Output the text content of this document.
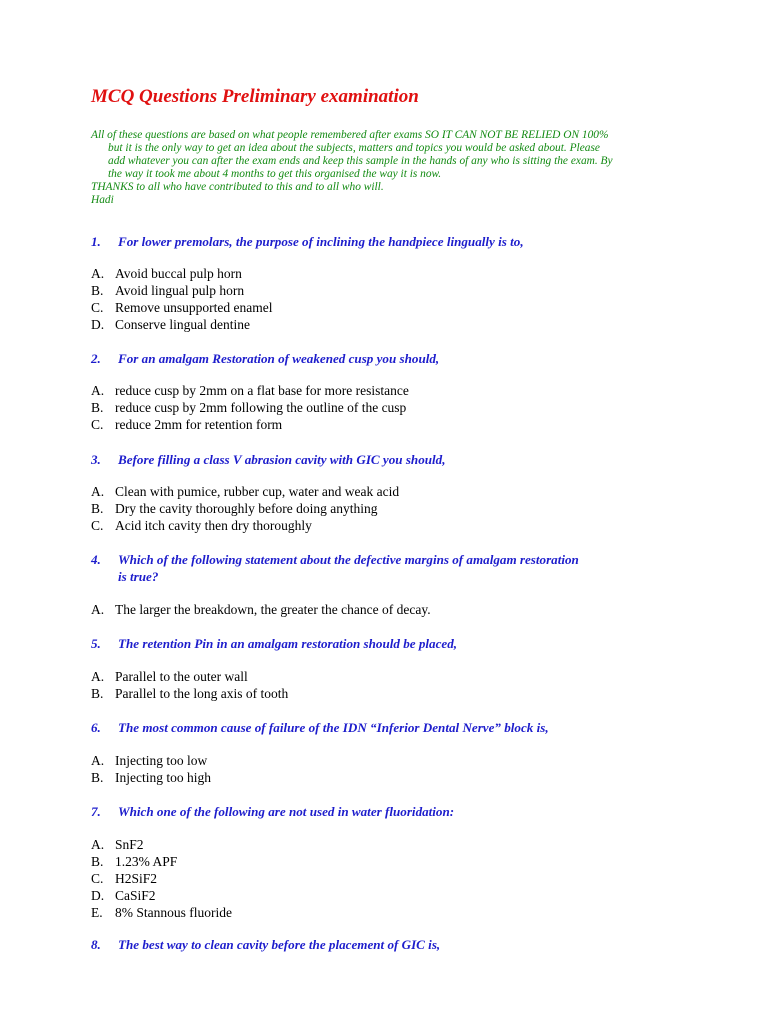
MCQ Questions Preliminary examination
All of these questions are based on what people remembered after exams SO IT CAN NOT BE RELIED ON 100%
but it is the only way to get an idea about the subjects, matters and topics you would be asked about. Please
add whatever you can after the exam ends and keep this sample in the hands of any who is sitting the exam. By
the way it took me about 4 months to get this organised the way it is now.
THANKS to all who have contributed to this and to all who will.
Hadi
1. For lower premolars, the purpose of inclining the handpiece lingually is to,
A. Avoid buccal pulp horn
B. Avoid lingual pulp horn
C. Remove unsupported enamel
D. Conserve lingual dentine
2. For an amalgam Restoration of weakened cusp you should,
A. reduce cusp by 2mm on a flat base for more resistance
B. reduce cusp by 2mm following the outline of the cusp
C. reduce 2mm for retention form
3. Before filling a class V abrasion cavity with GIC you should,
A. Clean with pumice, rubber cup, water and weak acid
B. Dry the cavity thoroughly before doing anything
C. Acid itch cavity then dry thoroughly
4. Which of the following statement about the defective margins of amalgam restoration
is true?
A. The larger the breakdown, the greater the chance of decay.
5. The retention Pin in an amalgam restoration should be placed,
A. Parallel to the outer wall
B. Parallel to the long axis of tooth
6. The most common cause of failure of the IDN “Inferior Dental Nerve” block is,
A. Injecting too low
B. Injecting too high
7. Which one of the following are not used in water fluoridation:
A. SnF2
B. 1.23% APF
C. H2SiF2
D. CaSiF2
E. 8% Stannous fluoride
8. The best way to clean cavity before the placement of GIC is,
